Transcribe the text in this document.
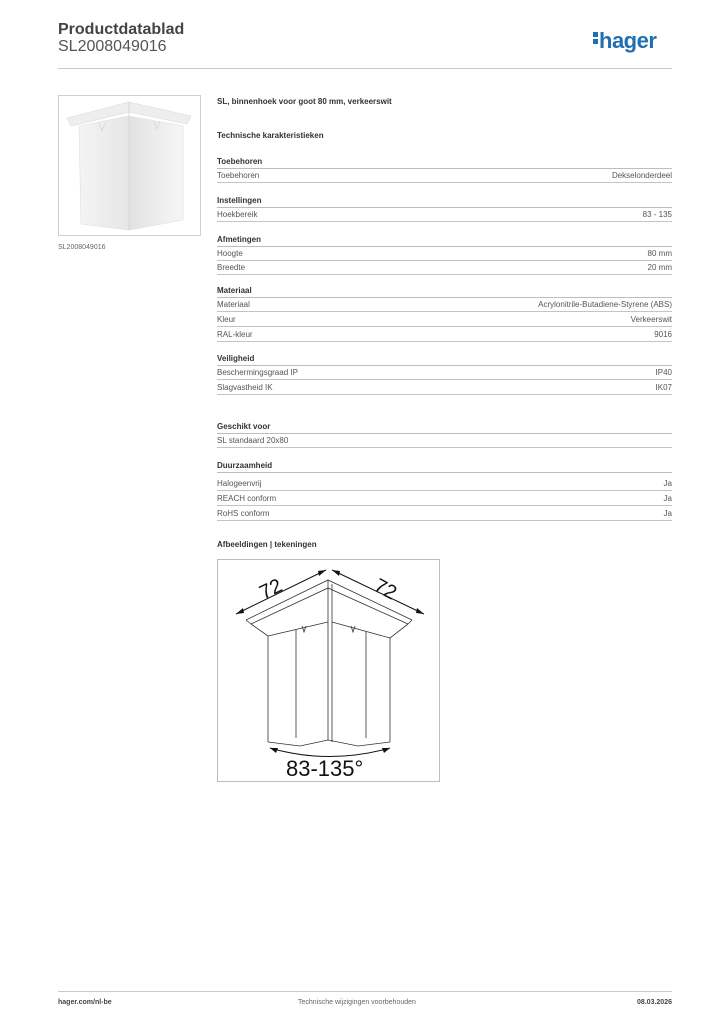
Productdatablad
SL2008049016	hager
SL2008049016
SL, binnenhoek voor goot 80 mm, verkeerswit
Technische karakteristieken
Toebehoren
Toebehoren	Dekselonderdeel
Instellingen
Hoekbereik	83 - 135
Afmetingen
Hoogte	80 mm
Breedte	20 mm
Materiaal
Materiaal	Acrylonitrile-Butadiene-Styrene (ABS)
Kleur	Verkeerswit
RAL-kleur	9016
Veiligheid
Beschermingsgraad IP	IP40
Slagvastheid IK	IK07
Geschikt voor
SL standaard 20x80
Duurzaamheid
Halogeenvrij	Ja
REACH conform	Ja
RoHS conform	Ja
Afbeeldingen | tekeningen
72	72
83-135°
hager.com/nl-be	Technische wijzigingen voorbehouden	08.03.2026
